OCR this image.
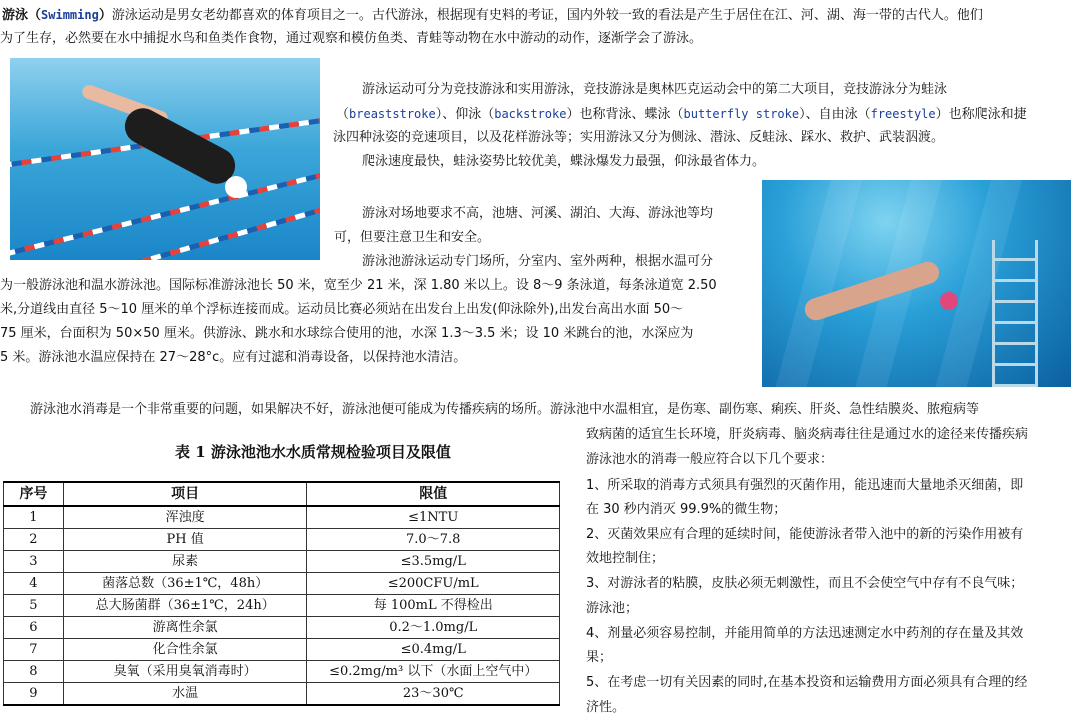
游泳（Swimming）游泳运动是男女老幼都喜欢的体育项目之一。古代游泳，根据现有史料的考证，国内外较一致的看法是产生于居住在江、河、湖、海一带的古代人。他们
为了生存，必然要在水中捕捉水鸟和鱼类作食物，通过观察和模仿鱼类、青蛙等动物在水中游动的动作，逐渐学会了游泳。
游泳运动可分为竞技游泳和实用游泳，竞技游泳是奥林匹克运动会中的第二大项目，竞技游泳分为蛙泳
（breaststroke）、仰泳（backstroke）也称背泳、蝶泳（butterfly stroke）、自由泳（freestyle）也称爬泳和捷
泳四种泳姿的竞速项目，以及花样游泳等；实用游泳又分为侧泳、潜泳、反蛙泳、踩水、救护、武装泅渡。
爬泳速度最快，蛙泳姿势比较优美，蝶泳爆发力最强，仰泳最省体力。
游泳对场地要求不高，池塘、河溪、湖泊、大海、游泳池等均
可，但要注意卫生和安全。
游泳池游泳运动专门场所，分室内、室外两种，根据水温可分
为一般游泳池和温水游泳池。国际标准游泳池长 50 米，宽至少 21 米，深 1.80 米以上。设 8～9 条泳道，每条泳道宽 2.50
米,分道线由直径 5～10 厘米的单个浮标连接而成。运动员比赛必须站在出发台上出发(仰泳除外),出发台高出水面 50～
75 厘米，台面积为 50×50 厘米。供游泳、跳水和水球综合使用的池，水深 1.3～3.5 米；设 10 米跳台的池，水深应为
5 米。游泳池水温应保持在 27～28°c。应有过滤和消毒设备，以保持池水清洁。
游泳池水消毒是一个非常重要的问题，如果解决不好，游泳池便可能成为传播疾病的场所。游泳池中水温相宜，是伤寒、副伤寒、痢疾、肝炎、急性结膜炎、脓疱病等
致病菌的适宜生长环境，肝炎病毒、脑炎病毒往往是通过水的途径来传播疾病
游泳池水的消毒一般应符合以下几个要求：
1、所采取的消毒方式须具有强烈的灭菌作用，能迅速而大量地杀灭细菌，即
在 30 秒内消灭 99.9%的微生物；
2、灭菌效果应有合理的延续时间，能使游泳者带入池中的新的污染作用被有
效地控制住；
3、对游泳者的粘膜，皮肤必须无刺激性，而且不会使空气中存有不良气味；
游泳池；
4、剂量必须容易控制，并能用简单的方法迅速测定水中药剂的存在量及其效
果；
5、在考虑一切有关因素的同时,在基本投资和运输费用方面必须具有合理的经
济性。
表 1 游泳池池水水质常规检验项目及限值
序号	项目	限值
1	浑浊度	≤1NTU
2	PH 值	7.0～7.8
3	尿素	≤3.5mg/L
4	菌落总数（36±1℃，48h）	≤200CFU/mL
5	总大肠菌群（36±1℃，24h）	每 100mL 不得检出
6	游离性余氯	0.2～1.0mg/L
7	化合性余氯	≤0.4mg/L
8	臭氧（采用臭氧消毒时）	≤0.2mg/m³ 以下（水面上空气中）
9	水温	23～30℃
